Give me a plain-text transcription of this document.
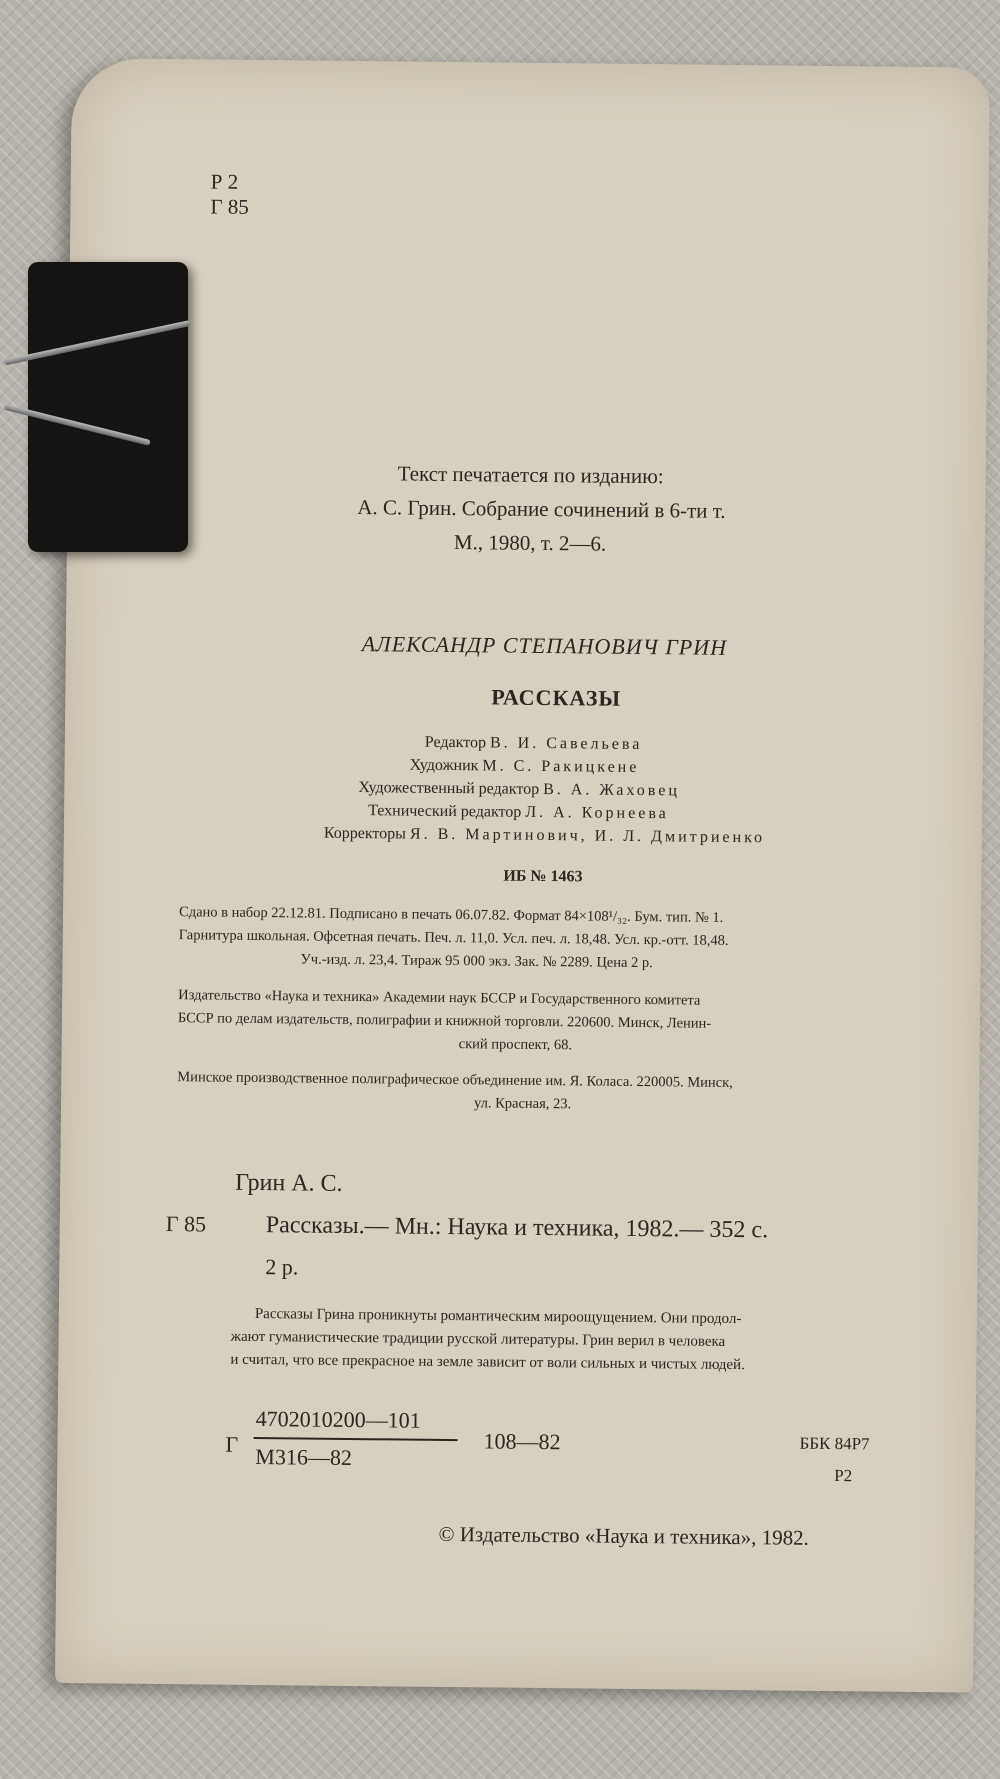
Р 2
Г 85
Текст печатается по изданию:
А. С. Грин. Собрание сочинений в 6-ти т.
М., 1980, т. 2—6.
АЛЕКСАНДР СТЕПАНОВИЧ ГРИН
РАССКАЗЫ
Редактор В. И. Савельева
Художник М. С. Ракицкене
Художественный редактор В. А. Жаховец
Технический редактор Л. А. Корнеева
Корректоры Я. В. Мартинович, И. Л. Дмитриенко
ИБ № 1463
Сдано в набор 22.12.81. Подписано в печать 06.07.82. Формат 84×108¹/₃₂. Бум. тип. № 1.
Гарнитура школьная. Офсетная печать. Печ. л. 11,0. Усл. печ. л. 18,48. Усл. кр.-отт. 18,48.
Уч.-изд. л. 23,4. Тираж 95 000 экз. Зак. № 2289. Цена 2 р.
Издательство «Наука и техника» Академии наук БССР и Государственного комитета
БССР по делам издательств, полиграфии и книжной торговли. 220600. Минск, Ленин-
ский проспект, 68.
Минское производственное полиграфическое объединение им. Я. Коласа. 220005. Минск,
ул. Красная, 23.
Грин А. С.
Г 85 Рассказы.— Мн.: Наука и техника, 1982.— 352 с.
2 р.
Рассказы Грина проникнуты романтическим мироощущением. Они продол-
жают гуманистические традиции русской литературы. Грин верил в человека
и считал, что все прекрасное на земле зависит от воли сильных и чистых людей.
Г
4702010200—101
М316—82
108—82	ББК 84Р7
Р2
© Издательство «Наука и техника», 1982.
